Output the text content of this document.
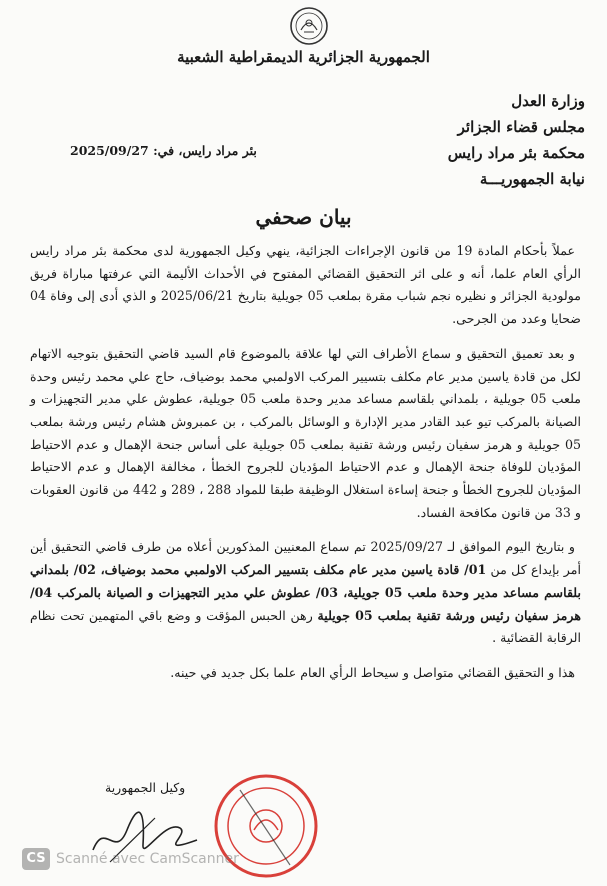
الجمهورية الجزائرية الديمقراطية الشعبية
وزارة العدل
مجلس قضاء الجزائر
محكمة بئر مراد رايس
نيابة الجمهوريـــة
بئر مراد رايس، في: 2025/09/27
بيان صحفي

عملاً بأحكام المادة 19 من قانون الإجراءات الجزائية، ينهي وكيل الجمهورية لدى محكمة بئر مراد رايس الرأي العام علما، أنه و على اثر التحقيق القضائي المفتوح في الأحداث الأليمة التي عرفتها مباراة فريق مولودية الجزائر و نظيره نجم شباب مقرة بملعب 05 جويلية بتاريخ 2025/06/21 و الذي أدى إلى وفاة 04 ضحايا وعدد من الجرحى.

و بعد تعميق التحقيق و سماع الأطراف التي لها علاقة بالموضوع قام السيد قاضي التحقيق بتوجيه الاتهام لكل من قادة ياسين مدير عام مكلف بتسيير المركب الاولمبي محمد بوضياف، حاج علي محمد رئيس وحدة ملعب 05 جويلية ، بلمداني بلقاسم مساعد مدير وحدة ملعب 05 جويلية، عطوش علي مدير التجهيزات و الصيانة بالمركب تيو عبد القادر مدير الإدارة و الوسائل بالمركب ، بن عمبروش هشام رئيس ورشة بملعب 05 جويلية و هرمز سفيان رئيس ورشة تقنية بملعب 05 جويلية على أساس جنحة الإهمال و عدم الاحتياط المؤديان للوفاة جنحة الإهمال و عدم الاحتياط المؤديان للجروح الخطأ ، مخالفة الإهمال و عدم الاحتياط المؤديان للجروح الخطأ و جنحة إساءة استغلال الوظيفة طبقا للمواد 288 ، 289 و 442 من قانون العقوبات و 33 من قانون مكافحة الفساد.

و بتاريخ اليوم الموافق لـ 2025/09/27 تم سماع المعنيين المذكورين أعلاه من طرف قاضي التحقيق أين أمر بإيداع كل من 01/ قادة ياسين مدير عام مكلف بتسيير المركب الاولمبي محمد بوضياف، 02/ بلمداني بلقاسم مساعد مدير وحدة ملعب 05 جويلية، 03/ عطوش علي مدير التجهيزات و الصيانة بالمركب 04/ هرمز سفيان رئيس ورشة تقنية بملعب 05 جويلية رهن الحبس المؤقت و وضع باقي المتهمين تحت نظام الرقابة القضائية .

هذا و التحقيق القضائي متواصل و سيحاط الرأي العام علما بكل جديد في حينه.

وكيل الجمهورية
CS Scanné avec CamScanner
